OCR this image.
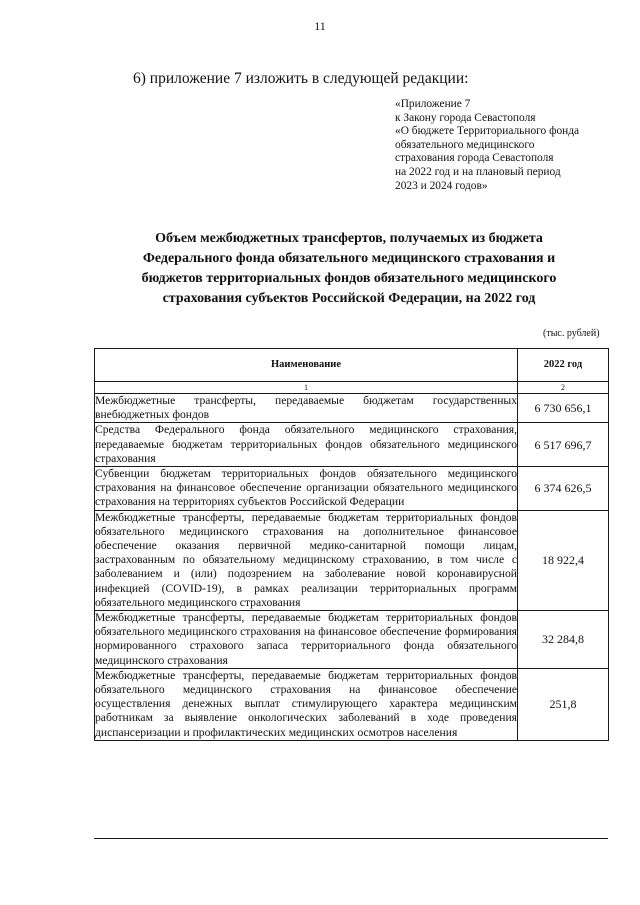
11
6) приложение 7 изложить в следующей редакции:
«Приложение 7
к Закону города Севастополя
«О бюджете Территориального фонда
обязательного медицинского
страхования города Севастополя
на 2022 год и на плановый период
2023 и 2024 годов»
Объем межбюджетных трансфертов, получаемых из бюджета
Федерального фонда обязательного медицинского страхования и
бюджетов территориальных фондов обязательного медицинского
страхования субъектов Российской Федерации, на 2022 год
(тыс. рублей)
Наименование	2022 год
1	2
Межбюджетные трансферты, передаваемые бюджетам государственных внебюджетных фондов	6 730 656,1
Средства Федерального фонда обязательного медицинского страхования, передаваемые бюджетам территориальных фондов обязательного медицинского страхования	6 517 696,7
Субвенции бюджетам территориальных фондов обязательного медицинского страхования на финансовое обеспечение организации обязательного медицинского страхования на территориях субъектов Российской Федерации	6 374 626,5
Межбюджетные трансферты, передаваемые бюджетам территориальных фондов обязательного медицинского страхования на дополнительное финансовое обеспечение оказания первичной медико-санитарной помощи лицам, застрахованным по обязательному медицинскому страхованию, в том числе с заболеванием и (или) подозрением на заболевание новой коронавирусной инфекцией (COVID-19), в рамках реализации территориальных программ обязательного медицинского страхования	18 922,4
Межбюджетные трансферты, передаваемые бюджетам территориальных фондов обязательного медицинского страхования на финансовое обеспечение формирования нормированного страхового запаса территориального фонда обязательного медицинского страхования	32 284,8
Межбюджетные трансферты, передаваемые бюджетам территориальных фондов обязательного медицинского страхования на финансовое обеспечение осуществления денежных выплат стимулирующего характера медицинским работникам за выявление онкологических заболеваний в ходе проведения диспансеризации и профилактических медицинских осмотров населения	251,8
